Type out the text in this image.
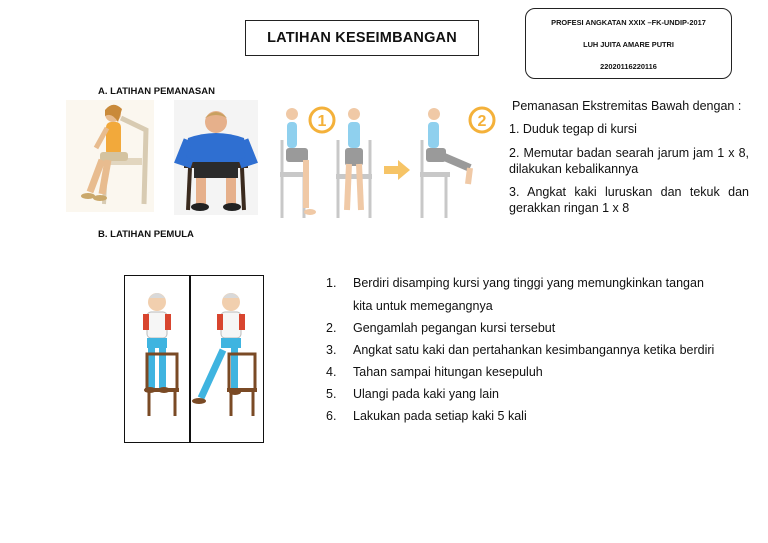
LATIHAN KESEIMBANGAN
PROFESI ANGKATAN XXIX –FK-UNDIP-2017
LUH JUITA AMARE PUTRI
22020116220116
A. LATIHAN PEMANASAN
1	2

Pemanasan Ekstremitas Bawah dengan :

1. Duduk tegap di kursi

2. Memutar badan searah jarum jam 1 x 8, dilakukan kebalikannya

3. Angkat kaki luruskan dan tekuk dan gerakkan ringan 1 x 8

B. LATIHAN PEMULA
1.	Berdiri disamping kursi yang tinggi yang memungkinkan tangan
kita untuk memegangnya
2.	Gengamlah pegangan kursi tersebut
3.	Angkat satu kaki dan pertahankan kesimbangannya ketika berdiri
4.	Tahan sampai hitungan kesepuluh
5.	Ulangi pada kaki yang lain
6.	Lakukan pada setiap kaki 5 kali
